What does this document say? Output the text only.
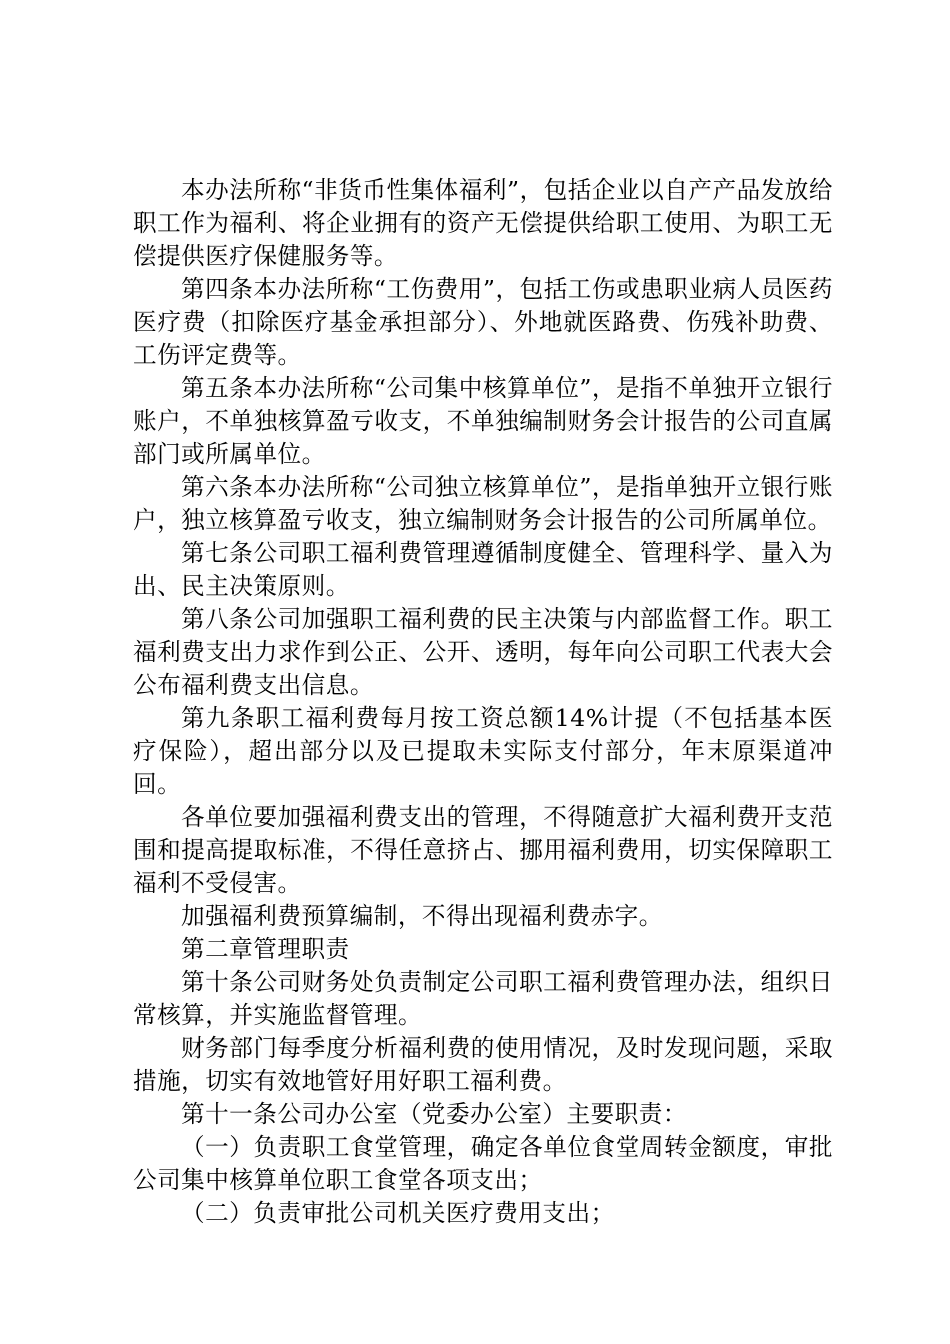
本办法所称“非货币性集体福利”，包括企业以自产产品发放给职工作为福利、将企业拥有的资产无偿提供给职工使用、为职工无偿提供医疗保健服务等。

第四条本办法所称“工伤费用”，包括工伤或患职业病人员医药医疗费（扣除医疗基金承担部分）、外地就医路费、伤残补助费、工伤评定费等。

第五条本办法所称“公司集中核算单位”，是指不单独开立银行账户，不单独核算盈亏收支，不单独编制财务会计报告的公司直属部门或所属单位。

第六条本办法所称“公司独立核算单位”，是指单独开立银行账户，独立核算盈亏收支，独立编制财务会计报告的公司所属单位。

第七条公司职工福利费管理遵循制度健全、管理科学、量入为出、民主决策原则。

第八条公司加强职工福利费的民主决策与内部监督工作。职工福利费支出力求作到公正、公开、透明，每年向公司职工代表大会公布福利费支出信息。

第九条职工福利费每月按工资总额14%计提（不包括基本医疗保险），超出部分以及已提取未实际支付部分，年末原渠道冲回。

各单位要加强福利费支出的管理，不得随意扩大福利费开支范围和提高提取标准，不得任意挤占、挪用福利费用，切实保障职工福利不受侵害。

加强福利费预算编制，不得出现福利费赤字。

第二章管理职责

第十条公司财务处负责制定公司职工福利费管理办法，组织日常核算，并实施监督管理。

财务部门每季度分析福利费的使用情况，及时发现问题，采取措施，切实有效地管好用好职工福利费。

第十一条公司办公室（党委办公室）主要职责：

（一）负责职工食堂管理，确定各单位食堂周转金额度，审批公司集中核算单位职工食堂各项支出；

（二）负责审批公司机关医疗费用支出；
